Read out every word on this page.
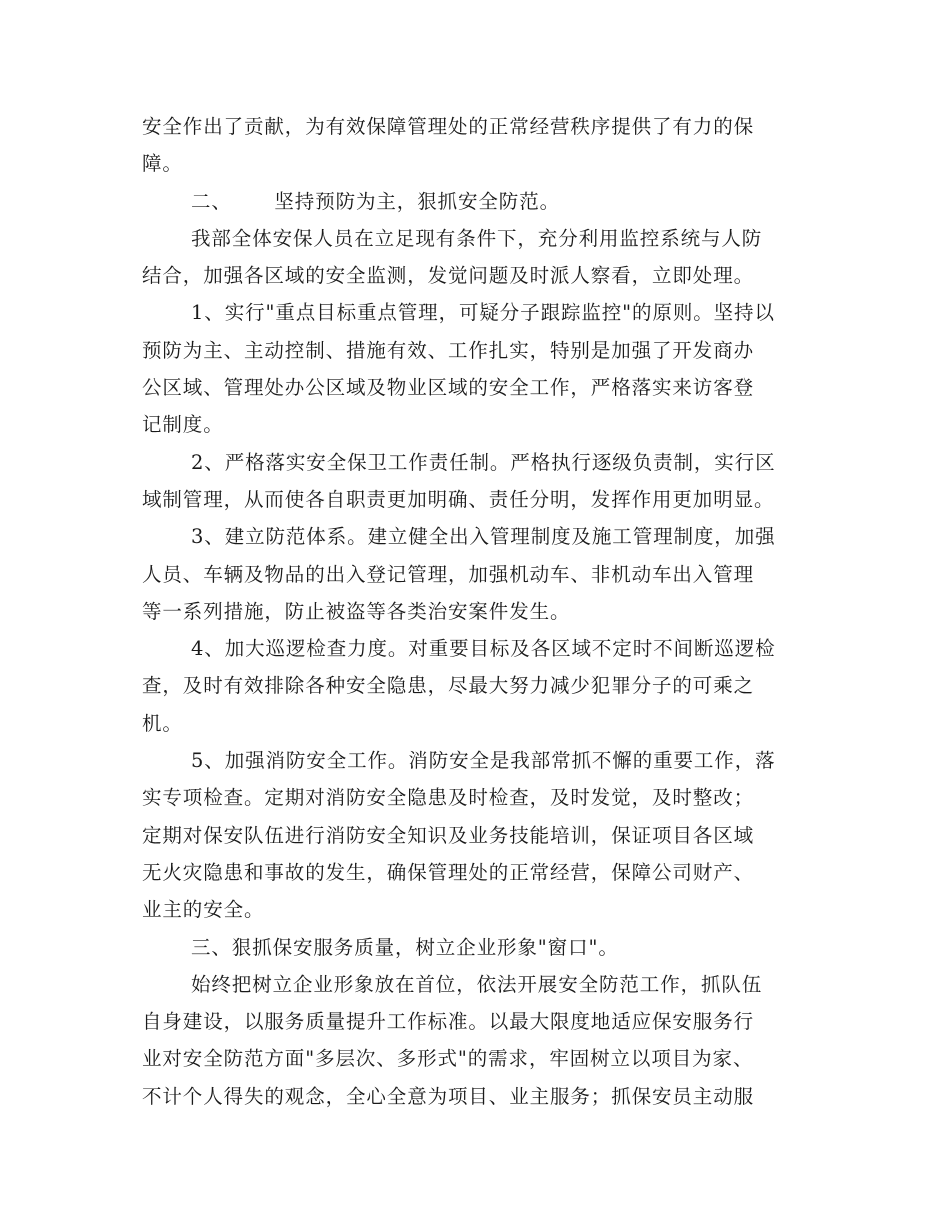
安全作出了贡献，为有效保障管理处的正常经营秩序提供了有力的保
障。
二、      坚持预防为主，狠抓安全防范。
我部全体安保人员在立足现有条件下，充分利用监控系统与人防
结合，加强各区域的安全监测，发觉问题及时派人察看，立即处理。
1、实行"重点目标重点管理，可疑分子跟踪监控"的原则。坚持以
预防为主、主动控制、措施有效、工作扎实，特别是加强了开发商办
公区域、管理处办公区域及物业区域的安全工作，严格落实来访客登
记制度。
2、严格落实安全保卫工作责任制。严格执行逐级负责制，实行区
域制管理，从而使各自职责更加明确、责任分明，发挥作用更加明显。
3、建立防范体系。建立健全出入管理制度及施工管理制度，加强
人员、车辆及物品的出入登记管理，加强机动车、非机动车出入管理
等一系列措施，防止被盗等各类治安案件发生。
4、加大巡逻检查力度。对重要目标及各区域不定时不间断巡逻检
查，及时有效排除各种安全隐患，尽最大努力减少犯罪分子的可乘之
机。
5、加强消防安全工作。消防安全是我部常抓不懈的重要工作，落
实专项检查。定期对消防安全隐患及时检查，及时发觉，及时整改；
定期对保安队伍进行消防安全知识及业务技能培训，保证项目各区域
无火灾隐患和事故的发生，确保管理处的正常经营，保障公司财产、
业主的安全。
三、狠抓保安服务质量，树立企业形象"窗口"。
始终把树立企业形象放在首位，依法开展安全防范工作，抓队伍
自身建设，以服务质量提升工作标准。以最大限度地适应保安服务行
业对安全防范方面"多层次、多形式"的需求，牢固树立以项目为家、
不计个人得失的观念，全心全意为项目、业主服务；抓保安员主动服
